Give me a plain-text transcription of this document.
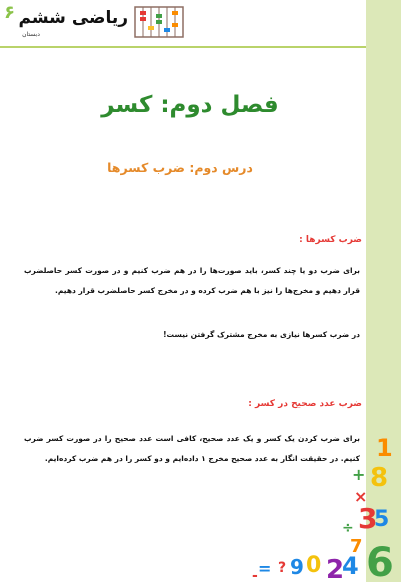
۶ ریاضی ششم
دبستان
فصل دوم: کسر
درس دوم: ضرب کسرها
ضرب کسرها :
برای ضرب دو یا چند کسر، باید صورت‌ها را در هم ضرب کنیم و در صورت کسر حاصلضرب قرار دهیم و مخرج‌ها را نیز با هم ضرب کرده و در مخرج کسر حاصلضرب قرار دهیم.
در ضرب کسرها نیازی به مخرج مشترک گرفتن نیست!
ضرب عدد صحیح در کسر :
برای ضرب کردن یک کسر و یک عدد صحیح، کافی است عدد صحیح را در صورت کسر ضرب کنیم. در حقیقت انگار به عدد صحیح مخرج ۱ داده‌ایم و دو کسر را در هم ضرب کرده‌ایم. 1
8
+
×
3
5
÷
6
4
2
0
9
?
=
-
7
